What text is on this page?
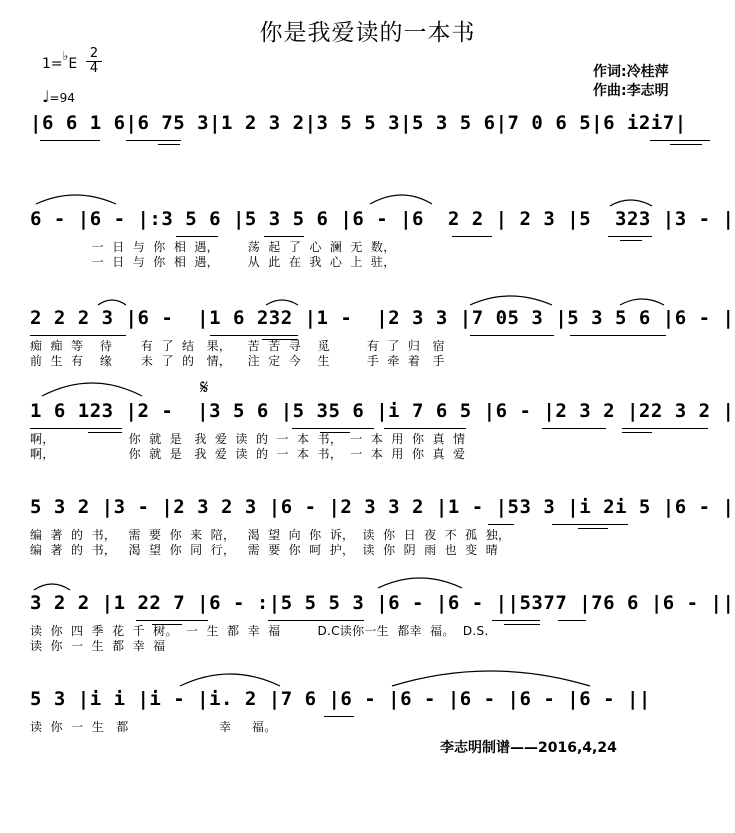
你是我爱读的一本书
1=♭E
2
4
♩=94
作词:冷桂萍
作曲:李志明
|6 6 1 6|6 75 3|1 2 3 2|3 5 5 3|5 3 5 6|7 0 6 5|6 i2i7|
6 - |6 - |:3 5 6 |5 3 5 6 |6 - |6  2 2 | 2 3 |5  323 |3 - |
一  日  与  你  相  遇，       荡  起  了  心  澜  无  数，
一  日  与  你  相  遇，       从  此  在  我  心  上  驻，
2 2 2 3 |6 -  |1 6 232 |1 -  |2 3 3 |7 05 3 |5 3 5 6 |6 - |
痴  痴  等    待       有  了  结   果，    苦  苦  寻    觅         有  了  归   宿
前  生  有    缘       未  了  的   情，    注  定  今    生         手  牵  着   手
1 6 123 |2 -  |3 5 6 |5 35 6 |i 7 6 5 |6 - |2 3 2 |22 3 2 |
啊，                  你  就  是   我  爱  读  的  一  本  书，  一  本  用  你  真  情
啊，                  你  就  是   我  爱  读  的  一  本  书，  一  本  用  你  真  爱
𝄋
5 3 2 |3 - |2 3 2 3 |6 - |2 3 3 2 |1 - |53 3 |i 2i 5 |6 - |
编  著  的  书，   需  要  你  来  陪，   渴  望  向  你  诉，  读  你  日  夜  不  孤  独，
编  著  的  书，   渴  望  你  同  行，   需  要  你  呵  护，  读  你  阴  雨  也  变  晴
3 2 2 |1 22 7 |6 - :|5 5 5 3 |6 - |6 - ||5377 |76 6 |6 - ||
读  你  四  季  花  千  树。  一  生  都  幸  福         D.C读你一生  都幸  福。  D.S.
读  你  一  生  都  幸  福
5 3 |i i |i - |i. 2 |7 6 |6 - |6 - |6 - |6 - |6 - ||
读  你  一  生   都                      幸     福。
李志明制谱——2016,4,24
